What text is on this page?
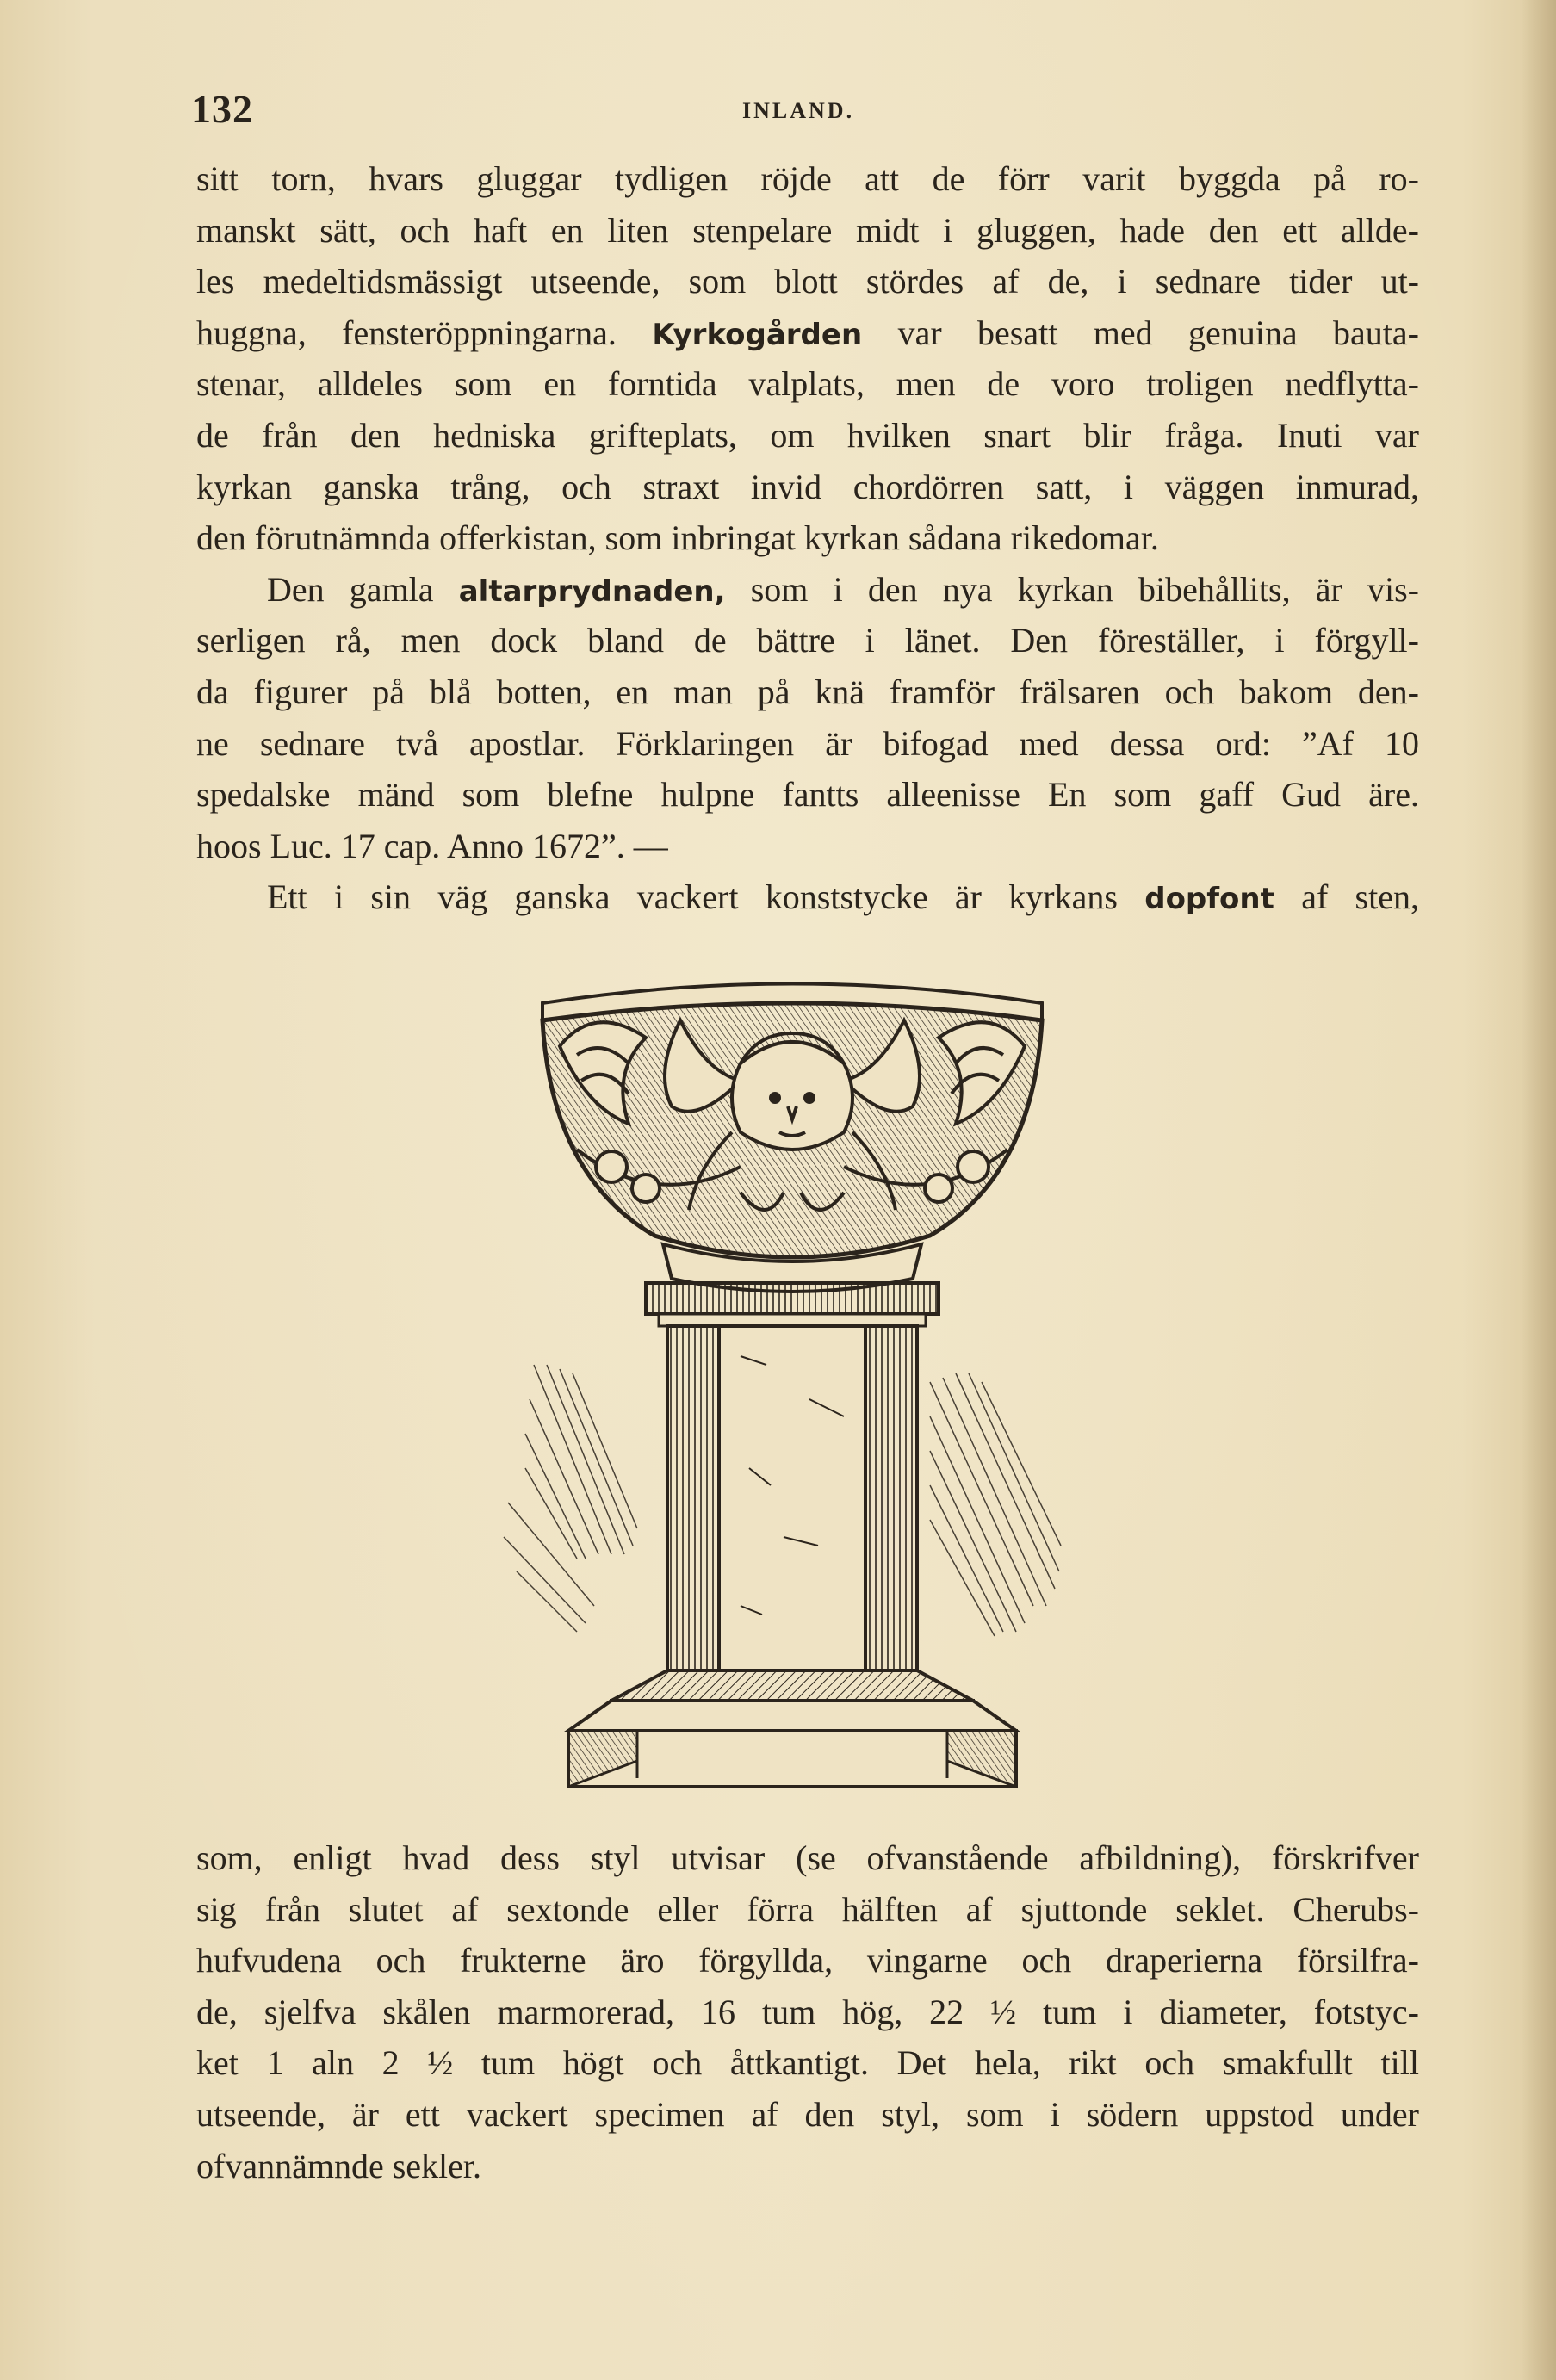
132	INLAND.
sitt torn, hvars gluggar tydligen röjde att de förr varit byggda på ro-
manskt sätt, och haft en liten stenpelare midt i gluggen, hade den ett allde-
les medeltidsmässigt utseende, som blott stördes af de, i sednare tider ut-
huggna, fensteröppningarna. Kyrkogården var besatt med genuina bauta-
stenar, alldeles som en forntida valplats, men de voro troligen nedflytta-
de från den hedniska grifteplats, om hvilken snart blir fråga. Inuti var
kyrkan ganska trång, och straxt invid chordörren satt, i väggen inmurad,
den förutnämnda offerkistan, som inbringat kyrkan sådana rikedomar.
Den gamla altarprydnaden, som i den nya kyrkan bibehållits, är vis-
serligen rå, men dock bland de bättre i länet. Den föreställer, i förgyll-
da figurer på blå botten, en man på knä framför frälsaren och bakom den-
ne sednare två apostlar. Förklaringen är bifogad med dessa ord: ”Af 10
spedalske mänd som blefne hulpne fantts alleenisse En som gaff Gud äre.
hoos Luc. 17 cap. Anno 1672”. —
Ett i sin väg ganska vackert konststycke är kyrkans dopfont af sten,
som, enligt hvad dess styl utvisar (se ofvanstående afbildning), förskrifver
sig från slutet af sextonde eller förra hälften af sjuttonde seklet. Cherubs-
hufvudena och frukterne äro förgyllda, vingarne och draperierna försilfra-
de, sjelfva skålen marmorerad, 16 tum hög, 22 ½ tum i diameter, fotstyc-
ket 1 aln 2 ½ tum högt och åttkantigt. Det hela, rikt och smakfullt till
utseende, är ett vackert specimen af den styl, som i södern uppstod under
ofvannämnde sekler.
